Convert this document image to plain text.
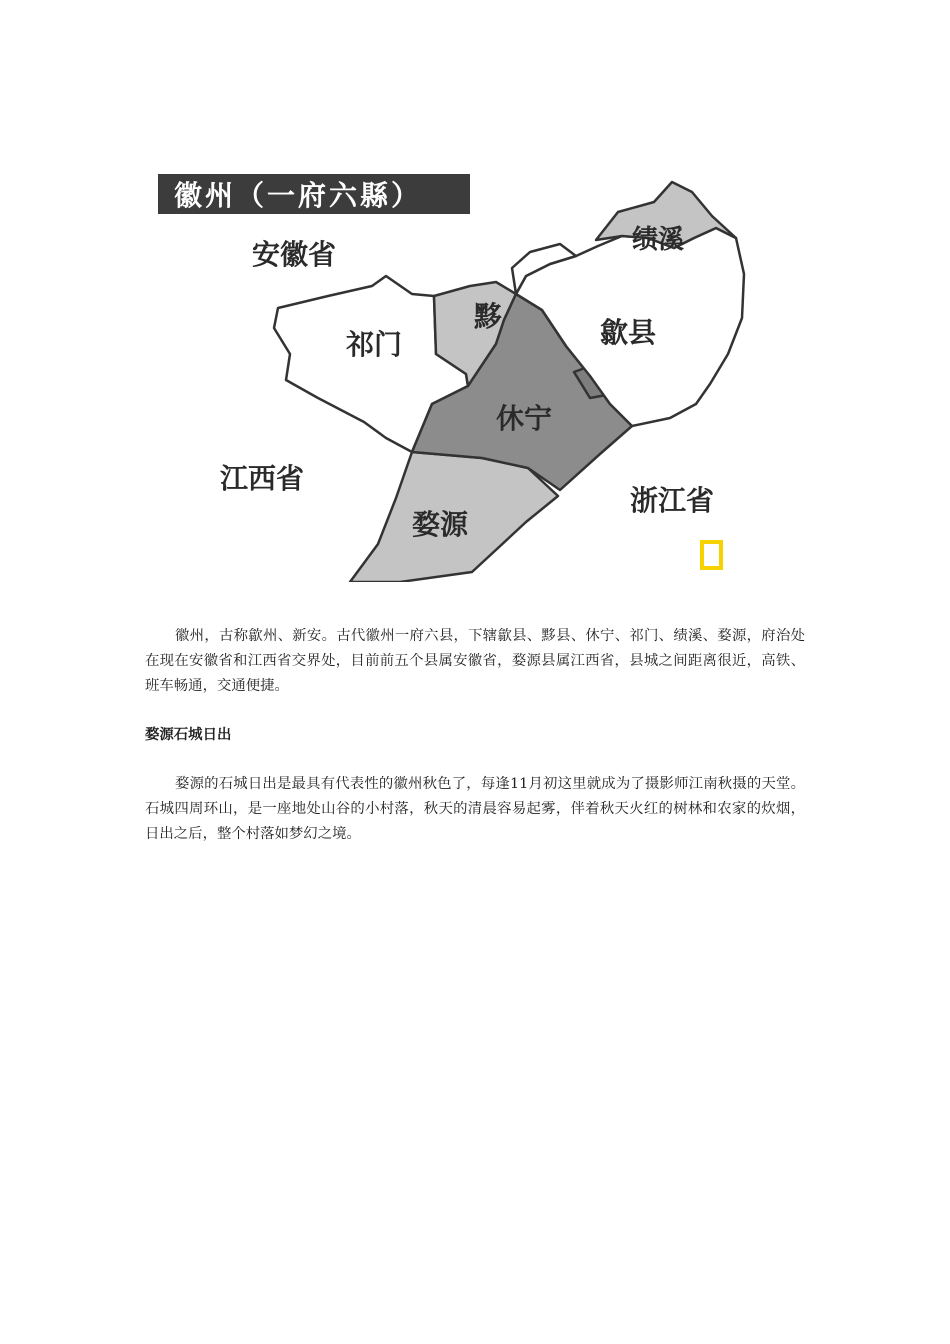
徽州（一府六縣）
安徽省
江西省
浙江省
祁门
黟
休宁
歙县
绩溪
婺源

徽州，古称歙州、新安。古代徽州一府六县，下辖歙县、黟县、休宁、祁门、绩溪、婺源，府治处在现在安徽省和江西省交界处，目前前五个县属安徽省，婺源县属江西省，县城之间距离很近，高铁、班车畅通，交通便捷。

婺源石城日出

婺源的石城日出是最具有代表性的徽州秋色了，每逢11月初这里就成为了摄影师江南秋摄的天堂。石城四周环山，是一座地处山谷的小村落，秋天的清晨容易起雾，伴着秋天火红的树林和农家的炊烟，日出之后，整个村落如梦幻之境。
